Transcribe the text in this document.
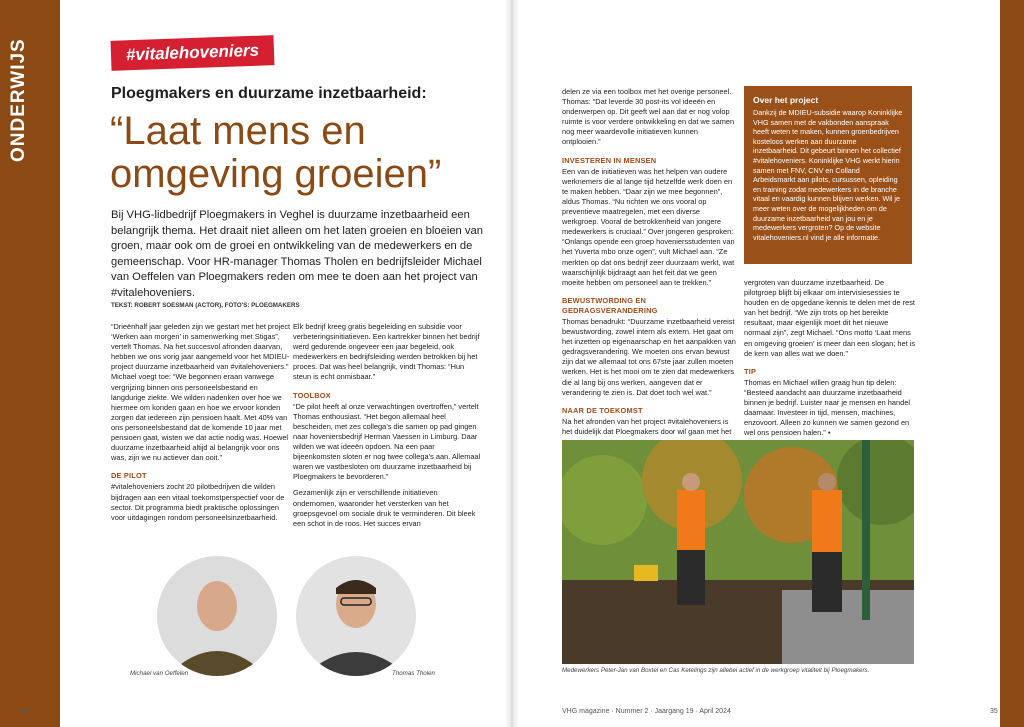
ONDERWIJS	#vitalehoveniers
Ploegmakers en duurzame inzetbaarheid:
“Laat mens en omgeving groeien”
Bij VHG-lidbedrijf Ploegmakers in Veghel is duurzame inzetbaarheid een belangrijk thema. Het draait niet alleen om het laten groeien en bloeien van groen, maar ook om de groei en ontwikkeling van de medewerkers en de gemeenschap. Voor HR-manager Thomas Tholen en bedrijfsleider Michael van Oeffelen van Ploegmakers reden om mee te doen aan het project van #vitalehoveniers.
TEKST: ROBERT SOESMAN (ACTOR), FOTO'S: PLOEGMAKERS

“Drieënhalf jaar geleden zijn we gestart met het project ‘Werken aan morgen’ in samenwerking met Stigas”, vertelt Thomas. Na het succesvol afronden daarvan, hebben we ons vorig jaar aangemeld voor het MDIEU-project duurzame inzetbaarheid van #vitalehoveniers.” Michael voegt toe: “We begonnen eraan vanwege vergrijzing binnen ons personeelsbestand en langdurige ziekte. We wilden nadenken over hoe we hiermee om konden gaan en hoe we ervoor konden zorgen dat iedereen zijn pensioen haalt. Met 40% van ons personeelsbestand dat de komende 10 jaar met pensioen gaat, wisten we dat actie nodig was. Hoewel duurzame inzetbaarheid altijd al belangrijk voor ons was, zijn we nu actiever dan ooit.”

DE PILOT

#vitalehoveniers zocht 20 pilotbedrijven die wilden bijdragen aan een vitaal toekomstperspectief voor de sector. Dit programma biedt praktische oplossingen voor uitdagingen rondom personeelsinzetbaarheid.

Elk bedrijf kreeg gratis begeleiding en subsidie voor verbeteringsinitiatieven. Een kartrekker binnen het bedrijf werd gedurende ongeveer een jaar begeleid, ook medewerkers en bedrijfsleiding werden betrokken bij het proces. Dat was heel belangrijk, vindt Thomas: “Hun steun is echt onmisbaar.”

TOOLBOX

“De pilot heeft al onze verwachtingen overtroffen,” vertelt Thomas enthousiast. “Het begon allemaal heel bescheiden, met zes collega’s die samen op pad gingen naar hoveniersbedrijf Herman Vaessen in Limburg. Daar wilden we wat ideeën opdoen. Na een paar bijeenkomsten sloten er nog twee collega’s aan. Allemaal waren we vastbesloten om duurzame inzetbaarheid bij Ploegmakers te bevorderen.”

Gezamenlijk zijn er verschillende initiatieven ondernomen, waaronder het versterken van het groepsgevoel om sociale druk te verminderen. Dit bleek een schot in de roos. Het succes ervan

Michael van Oeffelen	Thomas Tholen

delen ze via een toolbox met het overige personeel. Thomas: “Dat leverde 30 post-its vol ideeën en onderwerpen op. Dit geeft wel aan dat er nog volop ruimte is voor verdere ontwikkeling en dat we samen nog meer waardevolle initiatieven kunnen ontplooien.”

INVESTEREN IN MENSEN

Een van de initiatieven was het helpen van oudere werknemers die al lange tijd hetzelfde werk doen en te maken hebben. “Daar zijn we mee begonnen”, aldus Thomas. “Nu richten we ons vooral op preventieve maatregelen, met een diverse werkgroep. Vooral de betrokkenheid van jongere medewerkers is cruciaal.” Over jongeren gesproken: “Onlangs opende een groep hoveniersstudenten van het Yuverta mbo onze ogen”, vult Michael aan. “Ze merkten op dat ons bedrijf zeer duurzaam werkt, wat waarschijnlijk bijdraagt aan het feit dat we geen moeite hebben om personeel aan te trekken.”

BEWUSTWORDING EN GEDRAGSVERANDERING

Thomas benadrukt: “Duurzame inzetbaarheid vereist bewustwording, zowel intern als extern. Het gaat om het inzetten op eigenaarschap en het aanpakken van gedragsverandering. We moeten ons ervan bewust zijn dat we allemaal tot ons 67ste jaar zullen moeten werken. Het is het mooi om te zien dat medewerkers die al lang bij ons werken, aangeven dat er verandering te zien is. Dat doet toch wel wat.”

NAAR DE TOEKOMST

Na het afronden van het project #vitalehoveniers is het duidelijk dat Ploegmakers door wil gaan met het

Over het project

Dankzij de MDIEU-subsidie waarop Koninklijke VHG samen met de vakbonden aanspraak heeft weten te maken, kunnen groenbedrijven kosteloos werken aan duurzame inzetbaarheid. Dit gebeurt binnen het collectief #vitalehoveniers. Koninklijke VHG werkt hierin samen met FNV, CNV en Colland Arbeidsmarkt aan pilots, cursussen, opleiding en training zodat medewerkers in de branche vitaal en vaardig kunnen blijven werken. Wil je meer weten over de mogelijkheden om de duurzame inzetbaarheid van jou en je medewerkers vergroten? Op de website vitalehoveniers.nl vind je alle informatie.

vergroten van duurzame inzetbaarheid. De pilotgroep blijft bij elkaar om intervisiesessies te houden en de opgedane kennis te delen met de rest van het bedrijf. “We zijn trots op het bereikte resultaat, maar eigenlijk moet dit het nieuwe normaal zijn”, zegt Michael. “Ons motto ‘Laat mens en omgeving groeien’ is meer dan een slogan; het is de kern van alles wat we doen.”

TIP

Thomas en Michael willen graag hun tip delen: “Besteed aandacht aan duurzame inzetbaarheid binnen je bedrijf. Luister naar je mensen en handel daarnaar. Investeer in tijd, mensen, machines, enzovoort. Alleen zo kunnen we samen gezond en wel ons pensioen halen.” ▪

Medewerkers Peter-Jan van Boxtel en Cas Ketelings zijn allebei actief in de werkgroep vitaliteit bij Ploegmakers.
34	VHG magazine · Nummer 2 · Jaargang 19 · April 2024	35
